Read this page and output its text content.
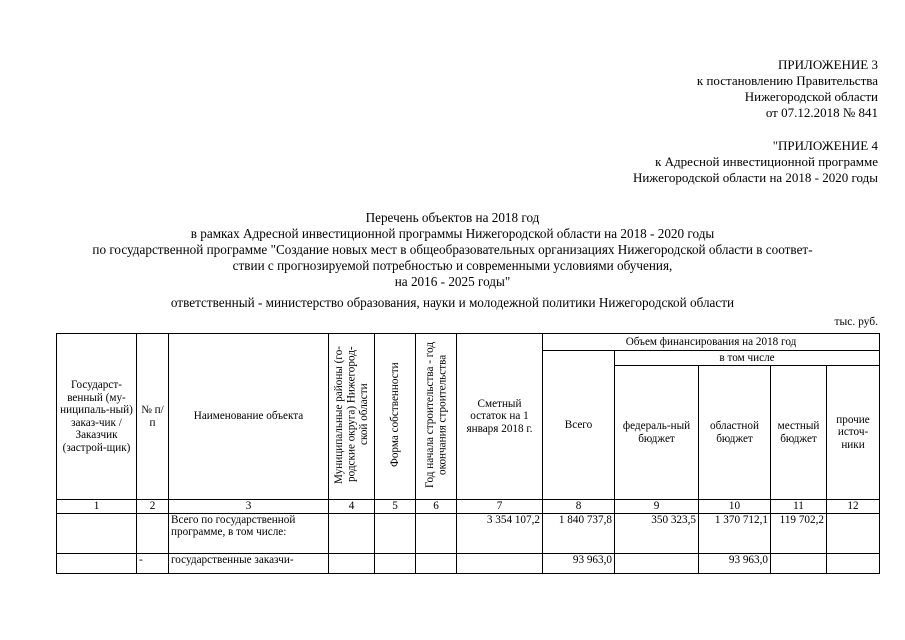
ПРИЛОЖЕНИЕ 3
к постановлению Правительства
Нижегородской области
от 07.12.2018 № 841
"ПРИЛОЖЕНИЕ 4
к Адресной инвестиционной программе
Нижегородской области на 2018 - 2020 годы
Перечень объектов на 2018 год
в рамках Адресной инвестиционной программы Нижегородской области на 2018 - 2020 годы
по государственной программе "Создание новых мест в общеобразовательных организациях Нижегородской области в соответ-
ствии с прогнозируемой потребностью и современными условиями обучения,
на 2016 - 2025 годы"
ответственный - министерство образования, науки и молодежной политики Нижегородской области
тыс. руб.
Государст-венный (му-ниципаль-ный) заказ-чик / Заказчик (застрой-щик)	№ п/п	Наименование объекта	Муниципальные районы (го-родские округа) Нижегород-ской области	Форма собственности	Год начала строительства - год окончания строительства	Сметный остаток на 1 января 2018 г.	Объем финансирования на 2018 год				
							Всего	в том числе			
								федераль-ный бюджет	областной бюджет	местный бюджет	прочие источ-ники
1	2	3	4	5	6	7	8	9	10	11	12
		Всего по государственной программе, в том числе:				3 354 107,2	1 840 737,8	350 323,5	1 370 712,1	119 702,2	
	-	государственные заказчи-					93 963,0		93 963,0		
